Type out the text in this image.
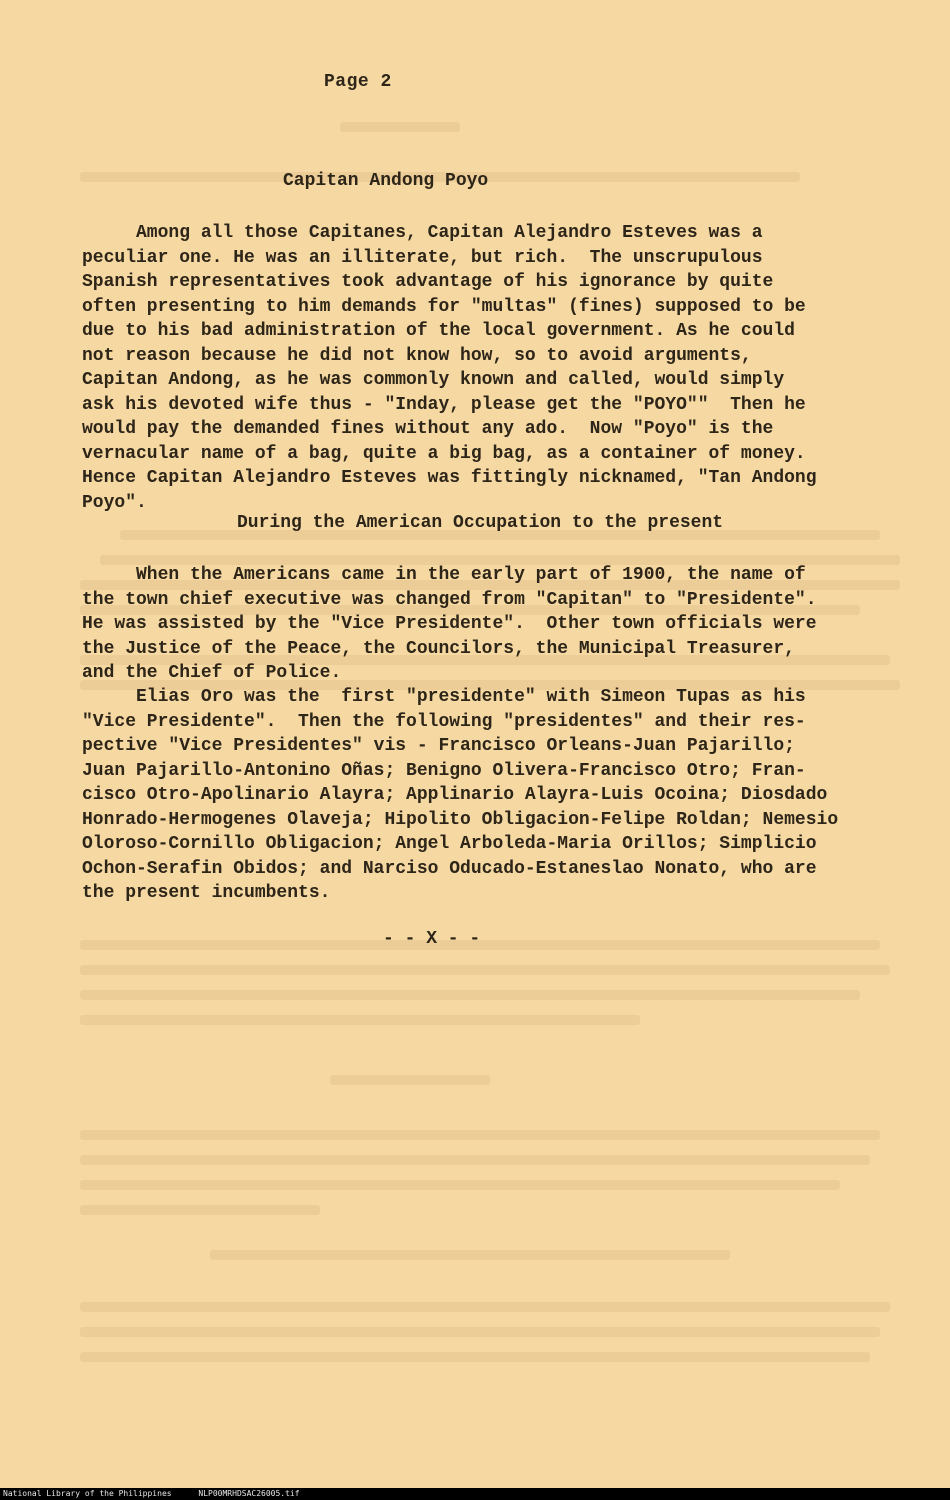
Page 2
Capitan Andong Poyo
Among all those Capitanes, Capitan Alejandro Esteves was a
peculiar one. He was an illiterate, but rich.  The unscrupulous
Spanish representatives took advantage of his ignorance by quite
often presenting to him demands for "multas" (fines) supposed to be
due to his bad administration of the local government. As he could
not reason because he did not know how, so to avoid arguments,
Capitan Andong, as he was commonly known and called, would simply
ask his devoted wife thus - "Inday, please get the "POYO""  Then he
would pay the demanded fines without any ado.  Now "Poyo" is the
vernacular name of a bag, quite a big bag, as a container of money.
Hence Capitan Alejandro Esteves was fittingly nicknamed, "Tan Andong
Poyo".
During the American Occupation to the present
When the Americans came in the early part of 1900, the name of
the town chief executive was changed from "Capitan" to "Presidente".
He was assisted by the "Vice Presidente".  Other town officials were
the Justice of the Peace, the Councilors, the Municipal Treasurer,
and the Chief of Police.
Elias Oro was the  first "presidente" with Simeon Tupas as his
"Vice Presidente".  Then the following "presidentes" and their res-
pective "Vice Presidentes" vis - Francisco Orleans-Juan Pajarillo;
Juan Pajarillo-Antonino Oñas; Benigno Olivera-Francisco Otro; Fran-
cisco Otro-Apolinario Alayra; Applinario Alayra-Luis Ocoina; Diosdado
Honrado-Hermogenes Olaveja; Hipolito Obligacion-Felipe Roldan; Nemesio
Oloroso-Cornillo Obligacion; Angel Arboleda-Maria Orillos; Simplicio
Ochon-Serafin Obidos; and Narciso Oducado-Estaneslao Nonato, who are
the present incumbents.
- - X - -
National Library of the Philippines	NLP00MRHDSAC26005.tif
